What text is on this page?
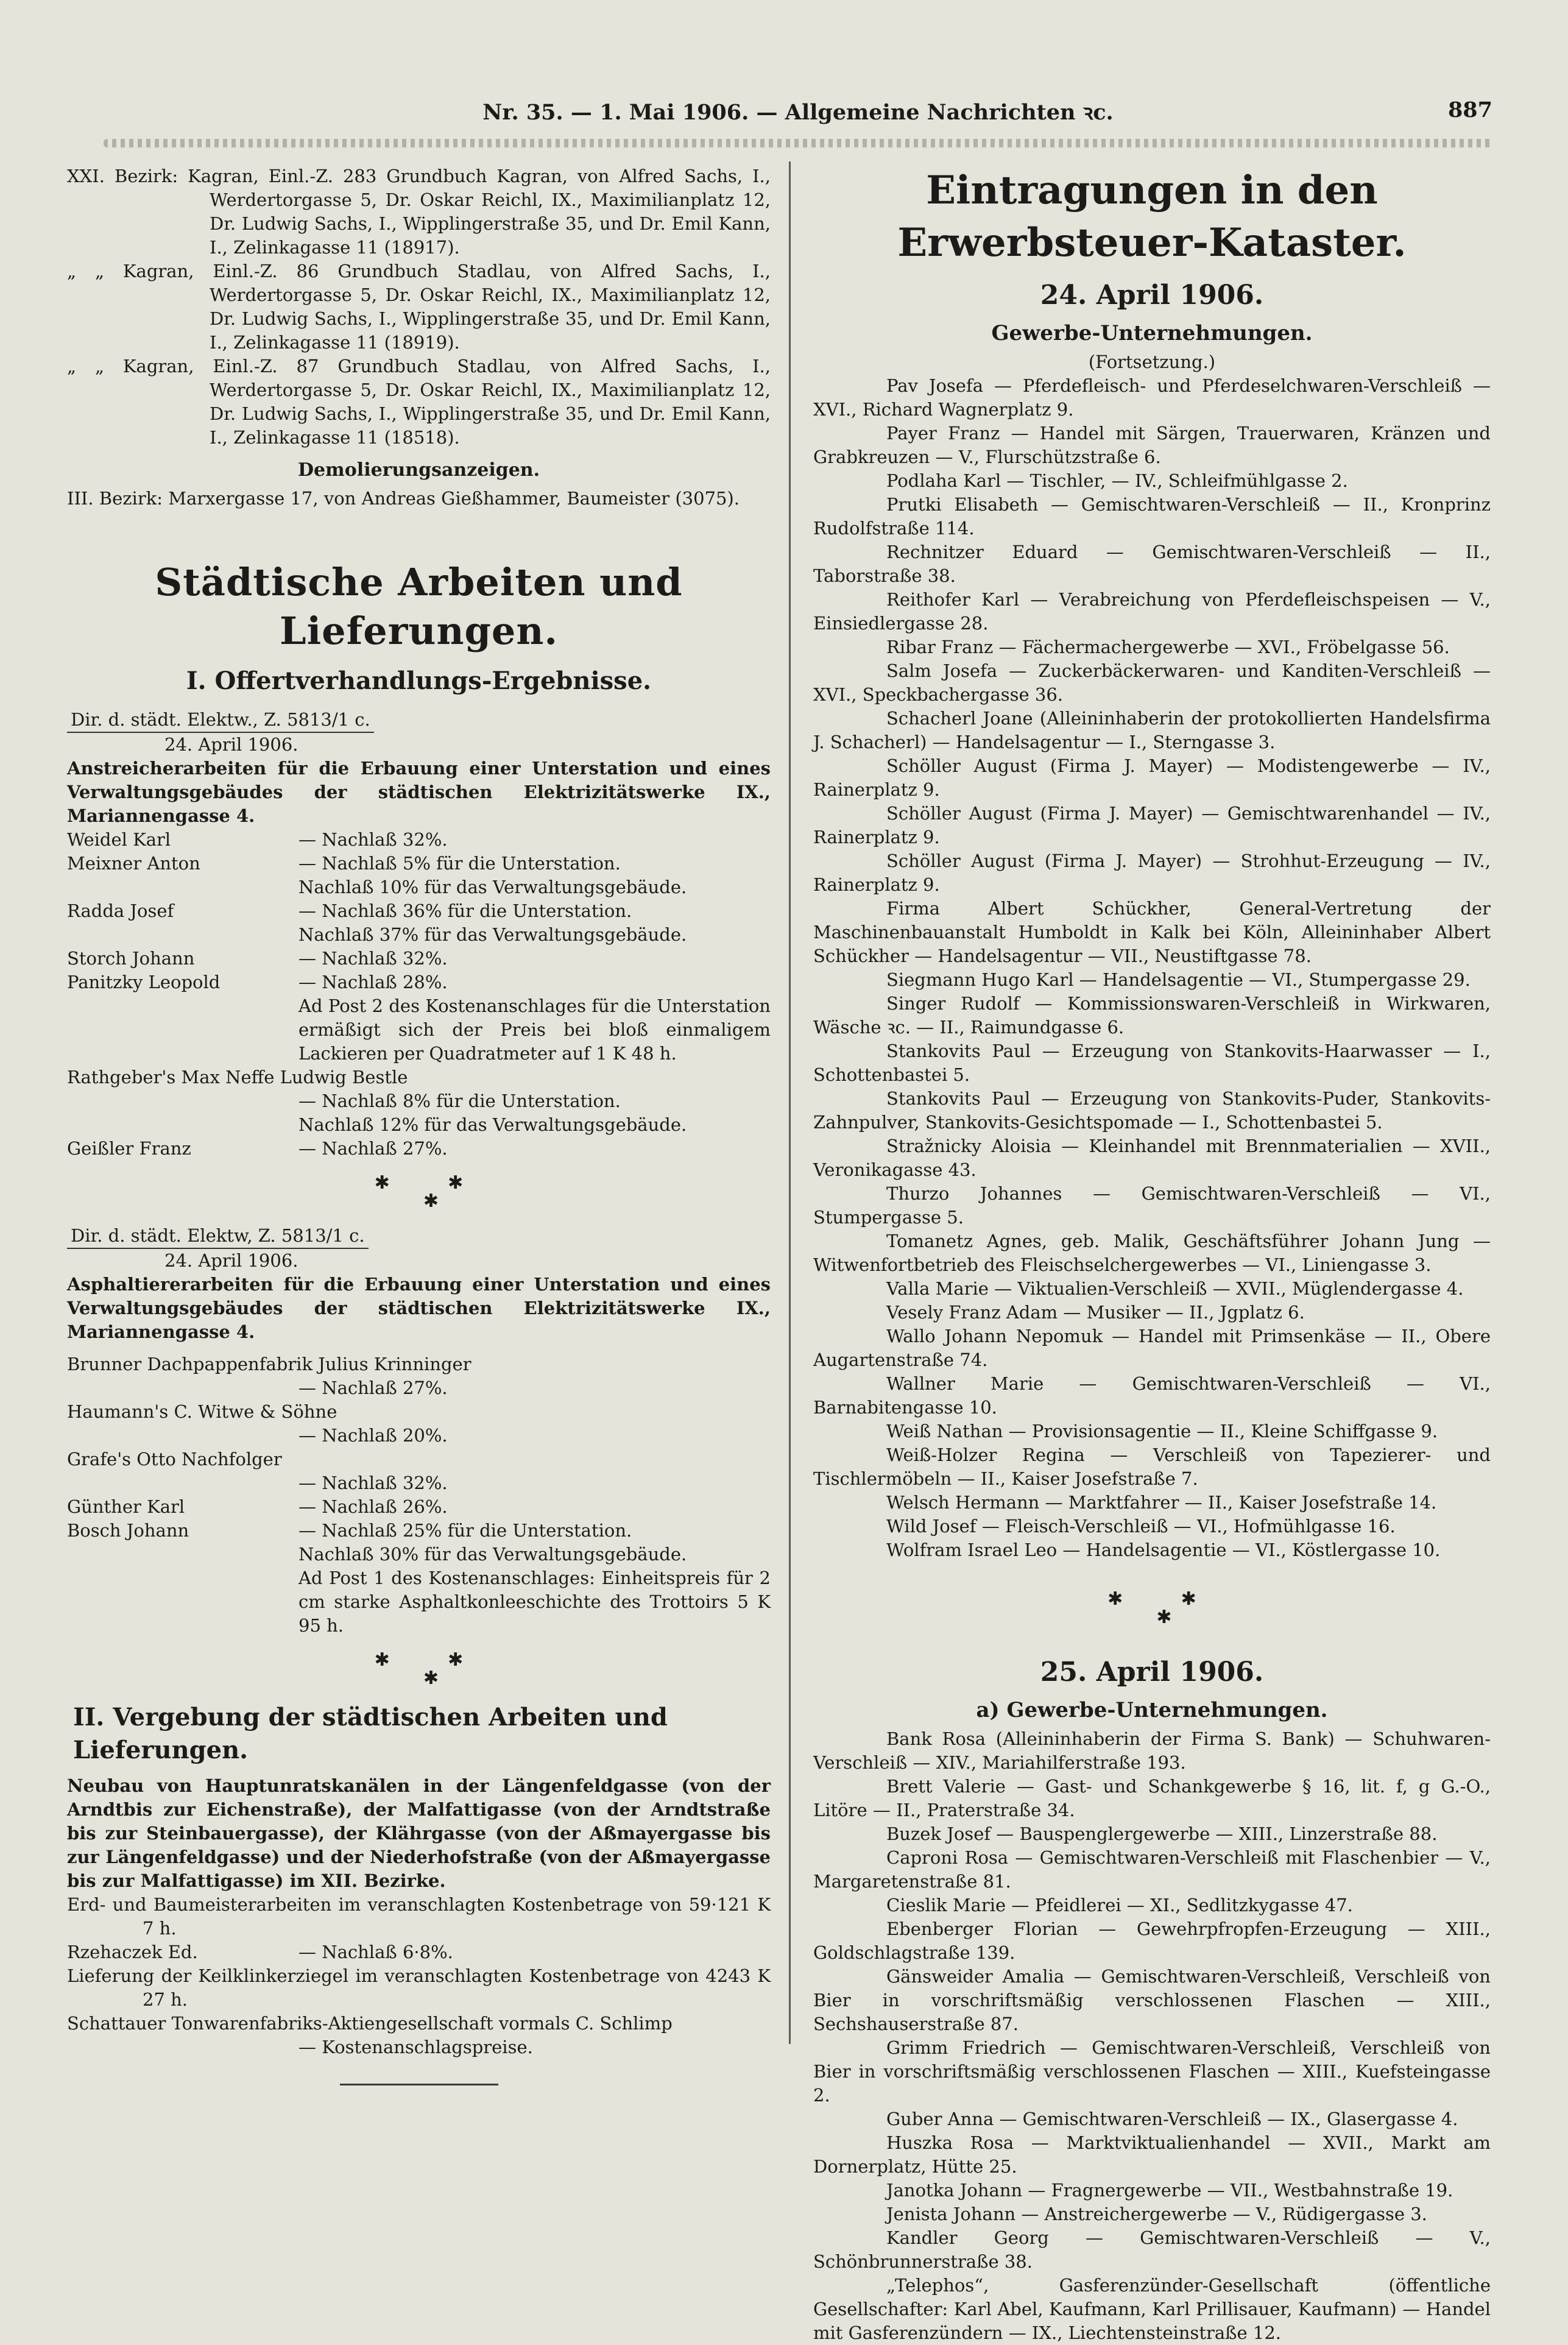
Nr. 35. — 1. Mai 1906. — Allgemeine Nachrichten ꝛc.	887

XXI. Bezirk: Kagran, Einl.-Z. 283 Grundbuch Kagran, von Alfred Sachs, I., Werdertorgasse 5, Dr. Oskar Reichl, IX., Maximilianplatz 12, Dr. Ludwig Sachs, I., Wipplingerstraße 35, und Dr. Emil Kann, I., Zelinkagasse 11 (18917).

„ „ Kagran, Einl.-Z. 86 Grundbuch Stadlau, von Alfred Sachs, I., Werdertorgasse 5, Dr. Oskar Reichl, IX., Maximilianplatz 12, Dr. Ludwig Sachs, I., Wipplingerstraße 35, und Dr. Emil Kann, I., Zelinkagasse 11 (18919).

„ „ Kagran, Einl.-Z. 87 Grundbuch Stadlau, von Alfred Sachs, I., Werdertorgasse 5, Dr. Oskar Reichl, IX., Maximilianplatz 12, Dr. Ludwig Sachs, I., Wipplingerstraße 35, und Dr. Emil Kann, I., Zelinkagasse 11 (18518).

Demolierungsanzeigen.

III. Bezirk: Marxergasse 17, von Andreas Gießhammer, Baumeister (3075).

Städtische Arbeiten und Lieferungen.
I. Offertverhandlungs-Ergebnisse.
Dir. d. städt. Elektw., Z. 5813/1 c.
24. April 1906.

Anstreicherarbeiten für die Erbauung einer Unterstation und eines Verwaltungsgebäudes der städtischen Elektrizitätswerke IX., Mariannengasse 4.

Weidel Karl	— Nachlaß 32%.
Meixner Anton	— Nachlaß 5% für die Unterstation.
Nachlaß 10% für das Verwaltungsgebäude.
Radda Josef	— Nachlaß 36% für die Unterstation.
Nachlaß 37% für das Verwaltungsgebäude.
Storch Johann	— Nachlaß 32%.
Panitzky Leopold	— Nachlaß 28%.

Ad Post 2 des Kostenanschlages für die Unterstation ermäßigt sich der Preis bei bloß einmaligem Lackieren per Quadratmeter auf 1 K 48 h.

Rathgeber's Max Neffe Ludwig Bestle
— Nachlaß 8% für die Unterstation.
Nachlaß 12% für das Verwaltungsgebäude.
Geißler Franz	— Nachlaß 27%.
✱          ✱
✱
Dir. d. städt. Elektw, Z. 5813/1 c.
24. April 1906.

Asphaltiererarbeiten für die Erbauung einer Unterstation und eines Verwaltungsgebäudes der städtischen Elektrizitätswerke IX., Mariannengasse 4.

Brunner Dachpappenfabrik Julius Krinninger
— Nachlaß 27%.
Haumann's C. Witwe & Söhne
— Nachlaß 20%.
Grafe's Otto Nachfolger
— Nachlaß 32%.
Günther Karl	— Nachlaß 26%.
Bosch Johann	— Nachlaß 25% für die Unterstation.
Nachlaß 30% für das Verwaltungsgebäude.

Ad Post 1 des Kostenanschlages: Einheitspreis für 2 cm starke Asphaltkonleeschichte des Trottoirs 5 K 95 h.

✱          ✱
✱
II. Vergebung der städtischen Arbeiten und Lieferungen.

Neubau von Hauptunratskanälen in der Längenfeldgasse (von der Arndtbis zur Eichenstraße), der Malfattigasse (von der Arndtstraße bis zur Steinbauergasse), der Klährgasse (von der Aßmayergasse bis zur Längenfeldgasse) und der Niederhofstraße (von der Aßmayergasse bis zur Malfattigasse) im XII. Bezirke.

Erd- und Baumeisterarbeiten im veranschlagten Kostenbetrage von 59·121 K 7 h.

Rzehaczek Ed.	— Nachlaß 6·8%.

Lieferung der Keilklinkerziegel im veranschlagten Kostenbetrage von 4243 K 27 h.

Schattauer Tonwarenfabriks-Aktiengesellschaft vormals C. Schlimp
— Kostenanschlagspreise.
Eintragungen in den Erwerbsteuer-Kataster.
24. April 1906.
Gewerbe-Unternehmungen.
(Fortsetzung.)

Pav Josefa — Pferdefleisch- und Pferdeselchwaren-Verschleiß — XVI., Richard Wagnerplatz 9.

Payer Franz — Handel mit Särgen, Trauerwaren, Kränzen und Grabkreuzen — V., Flurschützstraße 6.

Podlaha Karl — Tischler, — IV., Schleifmühlgasse 2.

Prutki Elisabeth — Gemischtwaren-Verschleiß — II., Kronprinz Rudolfstraße 114.

Rechnitzer Eduard — Gemischtwaren-Verschleiß — II., Taborstraße 38.

Reithofer Karl — Verabreichung von Pferdefleischspeisen — V., Einsiedlergasse 28.

Ribar Franz — Fächermachergewerbe — XVI., Fröbelgasse 56.

Salm Josefa — Zuckerbäckerwaren- und Kanditen-Verschleiß — XVI., Speckbachergasse 36.

Schacherl Joane (Alleininhaberin der protokollierten Handelsfirma J. Schacherl) — Handelsagentur — I., Sterngasse 3.

Schöller August (Firma J. Mayer) — Modistengewerbe — IV., Rainerplatz 9.

Schöller August (Firma J. Mayer) — Gemischtwarenhandel — IV., Rainerplatz 9.

Schöller August (Firma J. Mayer) — Strohhut-Erzeugung — IV., Rainerplatz 9.

Firma Albert Schückher, General-Vertretung der Maschinenbauanstalt Humboldt in Kalk bei Köln, Alleininhaber Albert Schückher — Handelsagentur — VII., Neustiftgasse 78.

Siegmann Hugo Karl — Handelsagentie — VI., Stumpergasse 29.

Singer Rudolf — Kommissionswaren-Verschleiß in Wirkwaren, Wäsche ꝛc. — II., Raimundgasse 6.

Stankovits Paul — Erzeugung von Stankovits-Haarwasser — I., Schottenbastei 5.

Stankovits Paul — Erzeugung von Stankovits-Puder, Stankovits-Zahnpulver, Stankovits-Gesichtspomade — I., Schottenbastei 5.

Stražnicky Aloisia — Kleinhandel mit Brennmaterialien — XVII., Veronikagasse 43.

Thurzo Johannes — Gemischtwaren-Verschleiß — VI., Stumpergasse 5.

Tomanetz Agnes, geb. Malik, Geschäftsführer Johann Jung — Witwenfortbetrieb des Fleischselchergewerbes — VI., Liniengasse 3.

Valla Marie — Viktualien-Verschleiß — XVII., Müglendergasse 4.

Vesely Franz Adam — Musiker — II., Jgplatz 6.

Wallo Johann Nepomuk — Handel mit Primsenkäse — II., Obere Augartenstraße 74.

Wallner Marie — Gemischtwaren-Verschleiß — VI., Barnabitengasse 10.

Weiß Nathan — Provisionsagentie — II., Kleine Schiffgasse 9.

Weiß-Holzer Regina — Verschleiß von Tapezierer- und Tischlermöbeln — II., Kaiser Josefstraße 7.

Welsch Hermann — Marktfahrer — II., Kaiser Josefstraße 14.

Wild Josef — Fleisch-Verschleiß — VI., Hofmühlgasse 16.

Wolfram Israel Leo — Handelsagentie — VI., Köstlergasse 10.

✱          ✱
✱
25. April 1906.
a) Gewerbe-Unternehmungen.

Bank Rosa (Alleininhaberin der Firma S. Bank) — Schuhwaren-Verschleiß — XIV., Mariahilferstraße 193.

Brett Valerie — Gast- und Schankgewerbe § 16, lit. f, g G.-O., Litöre — II., Praterstraße 34.

Buzek Josef — Bauspenglergewerbe — XIII., Linzerstraße 88.

Caproni Rosa — Gemischtwaren-Verschleiß mit Flaschenbier — V., Margaretenstraße 81.

Cieslik Marie — Pfeidlerei — XI., Sedlitzkygasse 47.

Ebenberger Florian — Gewehrpfropfen-Erzeugung — XIII., Goldschlagstraße 139.

Gänsweider Amalia — Gemischtwaren-Verschleiß, Verschleiß von Bier in vorschriftsmäßig verschlossenen Flaschen — XIII., Sechshauserstraße 87.

Grimm Friedrich — Gemischtwaren-Verschleiß, Verschleiß von Bier in vorschriftsmäßig verschlossenen Flaschen — XIII., Kuefsteingasse 2.

Guber Anna — Gemischtwaren-Verschleiß — IX., Glasergasse 4.

Huszka Rosa — Marktviktualienhandel — XVII., Markt am Dornerplatz, Hütte 25.

Janotka Johann — Fragnergewerbe — VII., Westbahnstraße 19.

Jenista Johann — Anstreichergewerbe — V., Rüdigergasse 3.

Kandler Georg — Gemischtwaren-Verschleiß — V., Schönbrunnerstraße 38.

„Telephos“, Gasferenzünder-Gesellschaft (öffentliche Gesellschafter: Karl Abel, Kaufmann, Karl Prillisauer, Kaufmann) — Handel mit Gasferenzündern — IX., Liechtensteinstraße 12.
